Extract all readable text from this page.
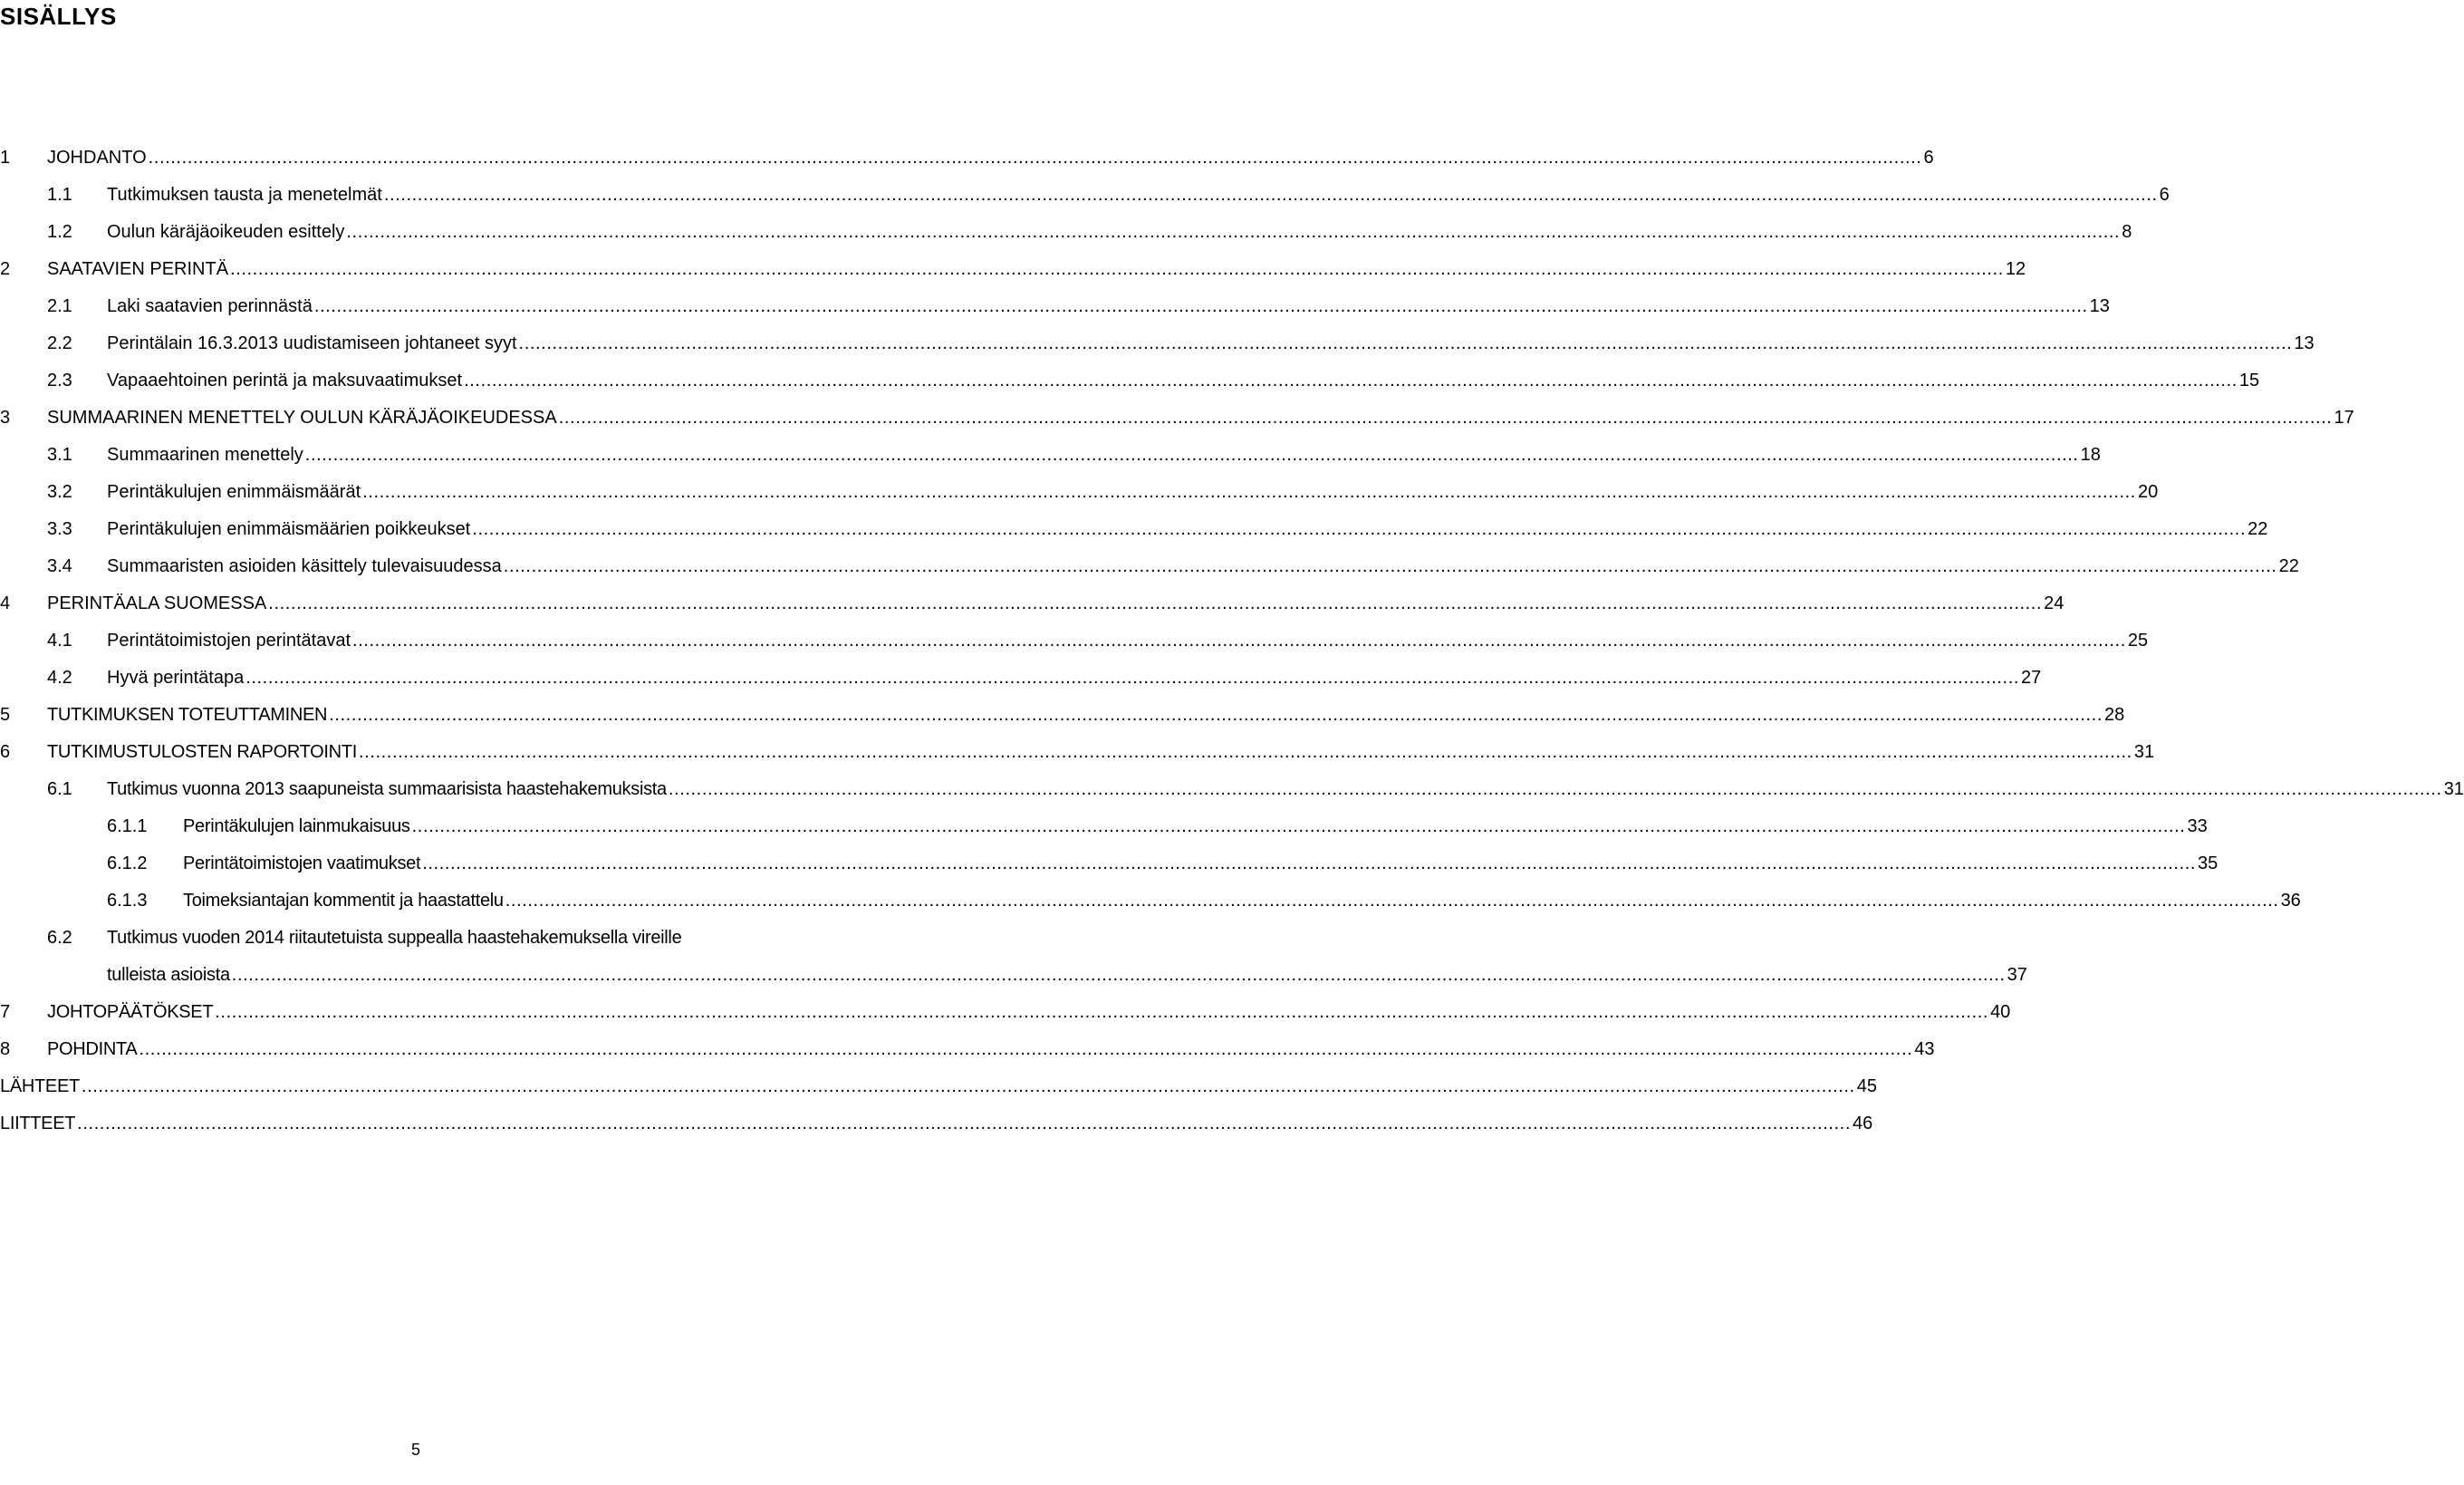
SISÄLLYS
1	JOHDANTO .....	6
1.1	Tutkimuksen tausta ja menetelmät .....	6
1.2	Oulun käräjäoikeuden esittely .....	8
2	SAATAVIEN PERINTÄ .....	12
2.1	Laki saatavien perinnästä .....	13
2.2	Perintälain 16.3.2013 uudistamiseen johtaneet syyt .....	13
2.3	Vapaaehtoinen perintä ja maksuvaatimukset .....	15
3	SUMMAARINEN MENETTELY OULUN KÄRÄJÄOIKEUDESSA .....	17
3.1	Summaarinen menettely .....	18
3.2	Perintäkulujen enimmäismäärät .....	20
3.3	Perintäkulujen enimmäismäärien poikkeukset .....	22
3.4	Summaaristen asioiden käsittely tulevaisuudessa .....	22
4	PERINTÄALA SUOMESSA .....	24
4.1	Perintätoimistojen perintätavat .....	25
4.2	Hyvä perintätapa .....	27
5	TUTKIMUKSEN TOTEUTTAMINEN .....	28
6	TUTKIMUSTULOSTEN RAPORTOINTI .....	31
6.1	Tutkimus vuonna 2013 saapuneista summaarisista haastehakemuksista .....	31
6.1.1	Perintäkulujen lainmukaisuus .....	33
6.1.2	Perintätoimistojen vaatimukset .....	35
6.1.3	Toimeksiantajan kommentit ja haastattelu .....	36
6.2	Tutkimus vuoden 2014 riitautetuista suppealla haastehakemuksella vireille
tulleista asioista .....	37
7	JOHTOPÄÄTÖKSET .....	40
8	POHDINTA .....	43
LÄHTEET .....	45
LIITTEET .....	46
5
